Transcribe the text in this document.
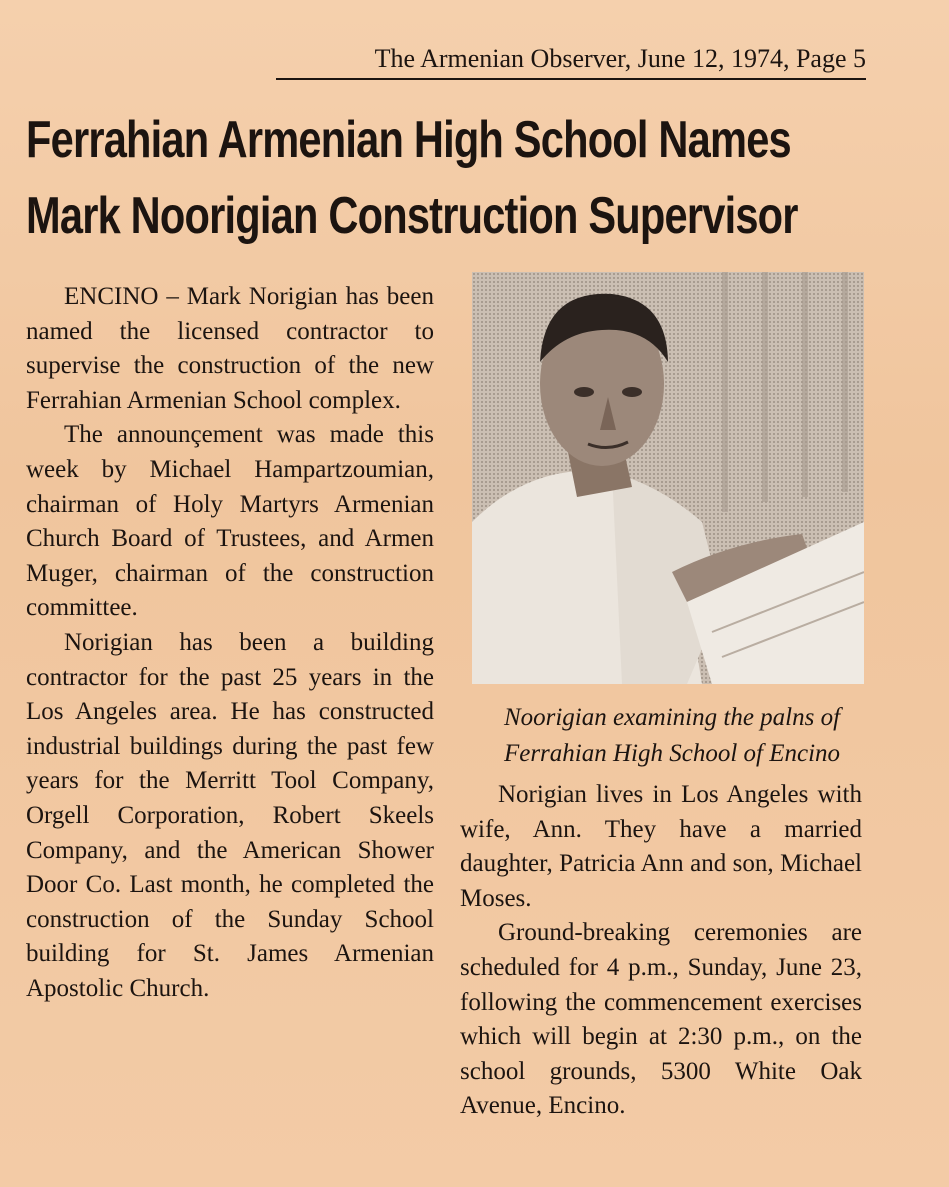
The Armenian Observer, June 12, 1974, Page 5
Ferrahian Armenian High School Names
Mark Noorigian Construction Supervisor

ENCINO – Mark Norigian has been named the licensed contractor to supervise the construction of the new Ferrahian Armenian School complex.

The announçement was made this week by Michael Hampartzoumian, chairman of Holy Martyrs Armenian Church Board of Trustees, and Armen Muger, chairman of the construction committee.

Norigian has been a building contractor for the past 25 years in the Los Angeles area. He has constructed industrial buildings during the past few years for the Merritt Tool Company, Orgell Corporation, Robert Skeels Company, and the American Shower Door Co. Last month, he completed the construction of the Sunday School building for St. James Armenian Apostolic Church.

Noorigian examining the palns of Ferrahian High School of Encino

Norigian lives in Los Angeles with wife, Ann. They have a married daughter, Patricia Ann and son, Michael Moses.

Ground-breaking ceremonies are scheduled for 4 p.m., Sunday, June 23, following the commencement exercises which will begin at 2:30 p.m., on the school grounds, 5300 White Oak Avenue, Encino.
